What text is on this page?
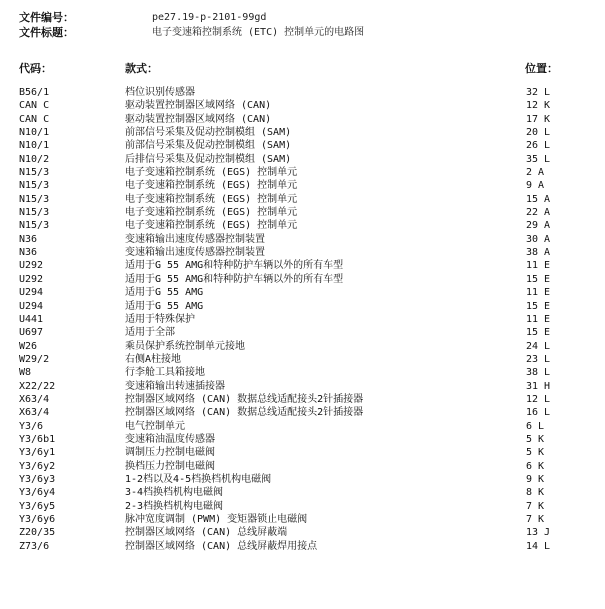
文件编号：	pe27.19-p-2101-99gd
文件标题：	电子变速箱控制系统 (ETC) 控制单元的电路图
代码：	款式：	位置：
B56/1	档位识别传感器	32 L
CAN C	驱动装置控制器区域网络 (CAN)	12 K
CAN C	驱动装置控制器区域网络 (CAN)	17 K
N10/1	前部信号采集及促动控制模组 (SAM)	20 L
N10/1	前部信号采集及促动控制模组 (SAM)	26 L
N10/2	后排信号采集及促动控制模组 (SAM)	35 L
N15/3	电子变速箱控制系统 (EGS) 控制单元	2 A
N15/3	电子变速箱控制系统 (EGS) 控制单元	9 A
N15/3	电子变速箱控制系统 (EGS) 控制单元	15 A
N15/3	电子变速箱控制系统 (EGS) 控制单元	22 A
N15/3	电子变速箱控制系统 (EGS) 控制单元	29 A
N36	变速箱输出速度传感器控制装置	30 A
N36	变速箱输出速度传感器控制装置	38 A
U292	适用于G 55 AMG和特种防护车辆以外的所有车型	11 E
U292	适用于G 55 AMG和特种防护车辆以外的所有车型	15 E
U294	适用于G 55 AMG	11 E
U294	适用于G 55 AMG	15 E
U441	适用于特殊保护	11 E
U697	适用于全部	15 E
W26	乘员保护系统控制单元接地	24 L
W29/2	右侧A柱接地	23 L
W8	行李舱工具箱接地	38 L
X22/22	变速箱输出转速插接器	31 H
X63/4	控制器区域网络 (CAN) 数据总线适配接头2针插接器	12 L
X63/4	控制器区域网络 (CAN) 数据总线适配接头2针插接器	16 L
Y3/6	电气控制单元	6 L
Y3/6b1	变速箱油温度传感器	5 K
Y3/6y1	调制压力控制电磁阀	5 K
Y3/6y2	换档压力控制电磁阀	6 K
Y3/6y3	1-2档以及4-5档换档机构电磁阀	9 K
Y3/6y4	3-4档换档机构电磁阀	8 K
Y3/6y5	2-3档换档机构电磁阀	7 K
Y3/6y6	脉冲宽度调制 (PWM) 变矩器锁止电磁阀	7 K
Z20/35	控制器区域网络 (CAN) 总线屏蔽端	13 J
Z73/6	控制器区域网络 (CAN) 总线屏蔽焊用接点	14 L
